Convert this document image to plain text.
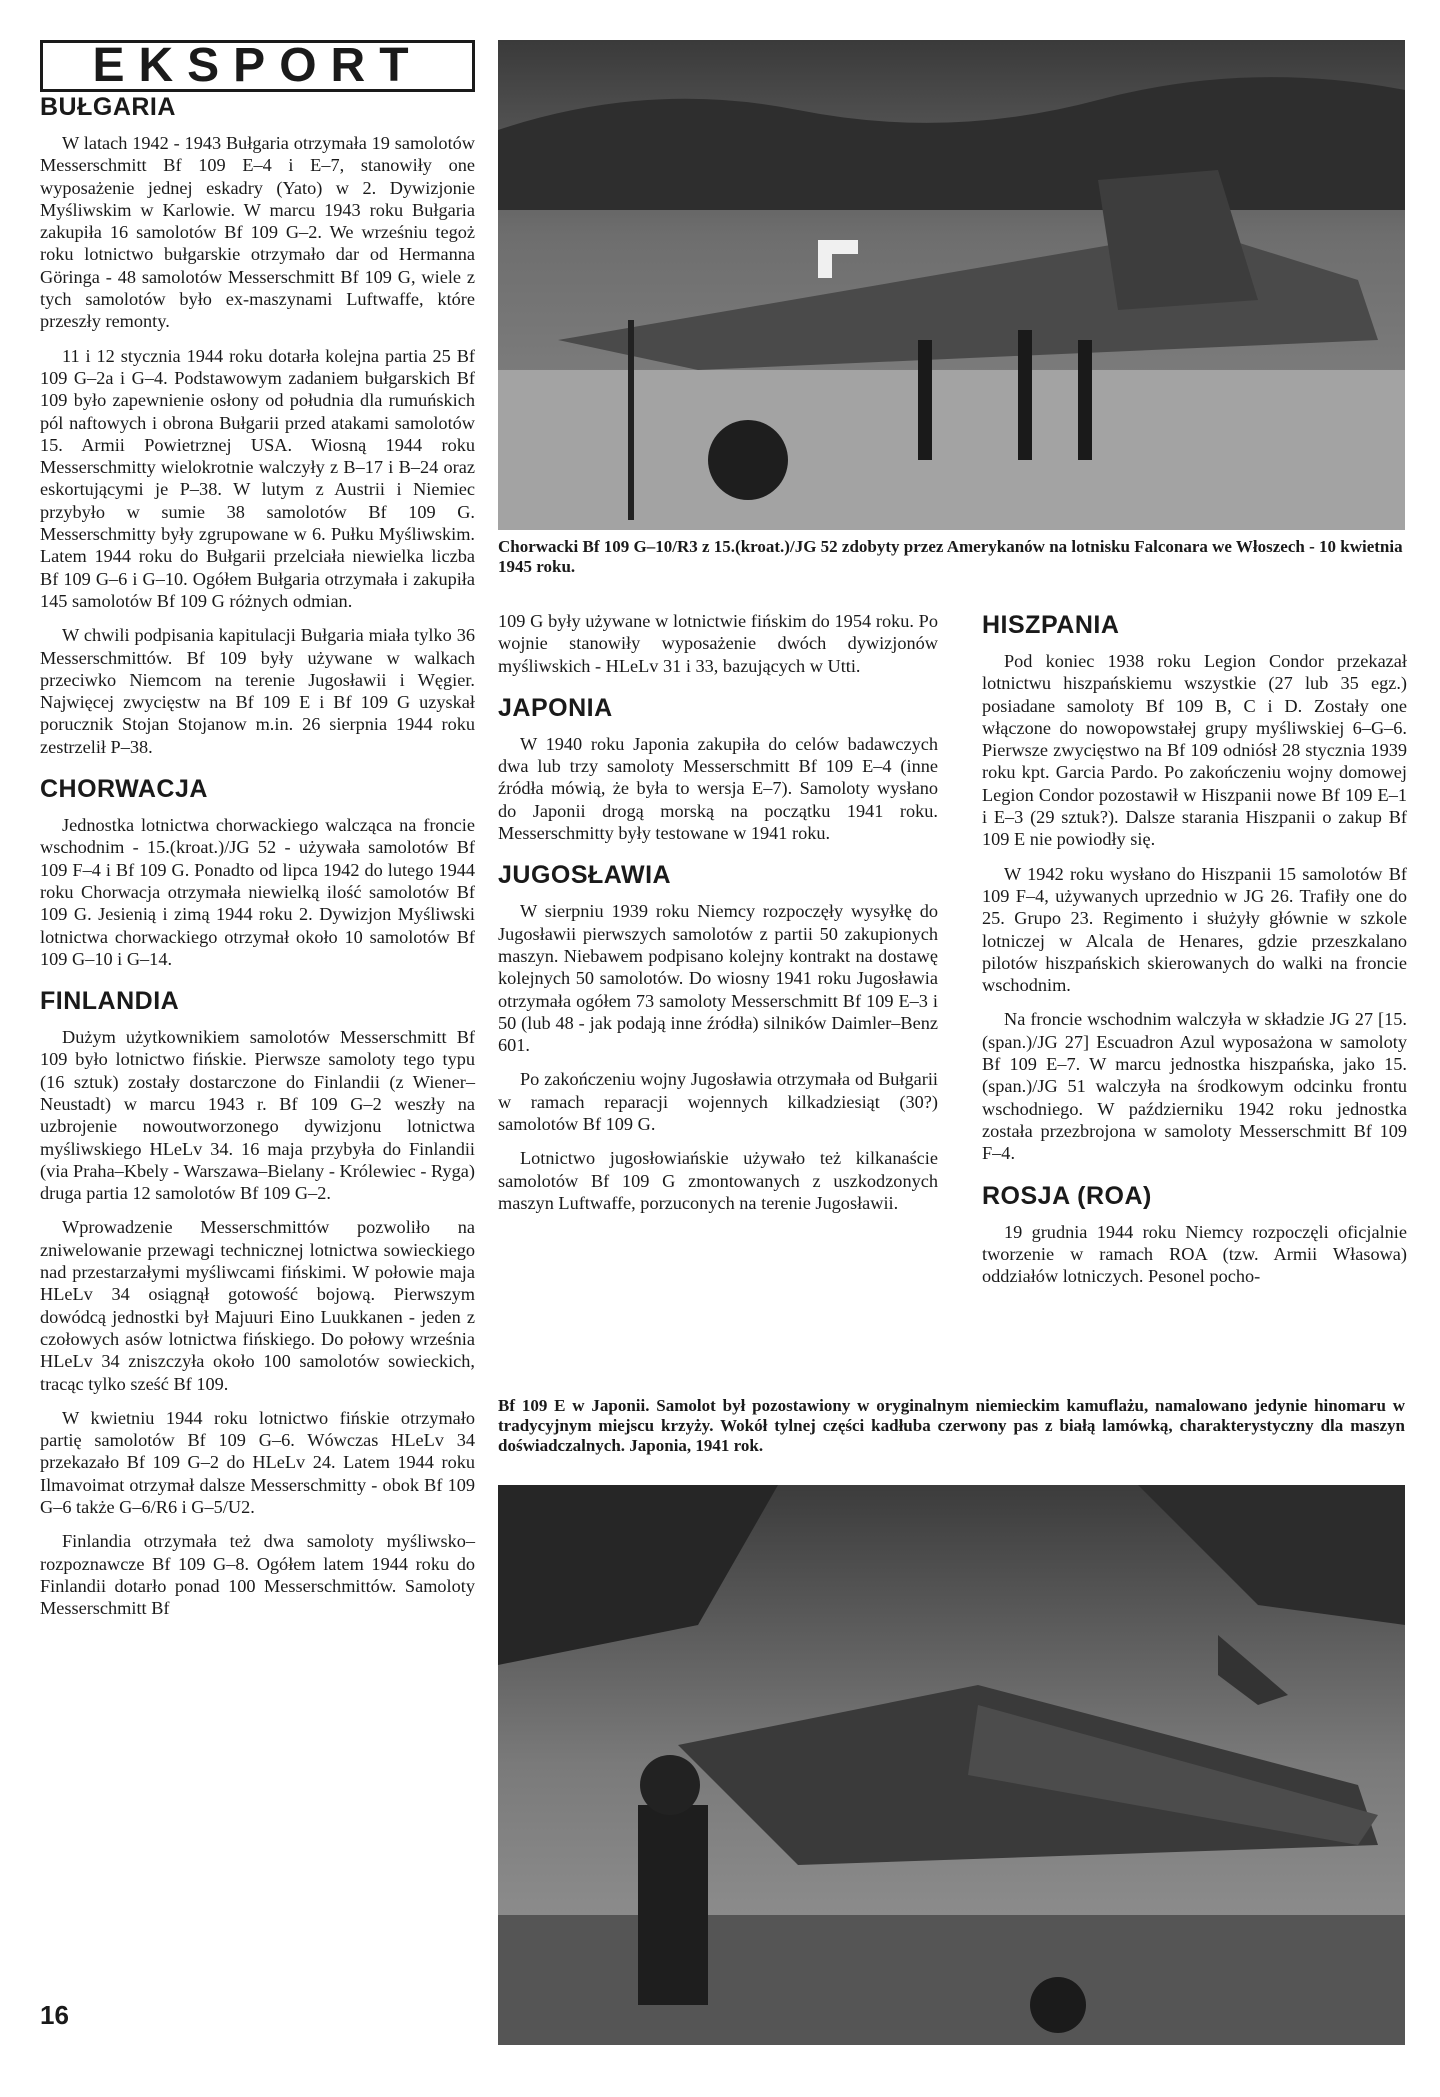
EKSPORT
BUŁGARIA

W latach 1942 - 1943 Bułgaria otrzymała 19 samolotów Messerschmitt Bf 109 E–4 i E–7, stanowiły one wyposażenie jednej eskadry (Yato) w 2. Dywizjonie Myśliwskim w Karlowie. W marcu 1943 roku Bułgaria zakupiła 16 samolotów Bf 109 G–2. We wrześniu tegoż roku lotnictwo bułgarskie otrzymało dar od Hermanna Göringa - 48 samolotów Messerschmitt Bf 109 G, wiele z tych samolotów było ex-maszynami Luftwaffe, które przeszły remonty.

11 i 12 stycznia 1944 roku dotarła kolejna partia 25 Bf 109 G–2a i G–4. Podstawowym zadaniem bułgarskich Bf 109 było zapewnienie osłony od południa dla rumuńskich pól naftowych i obrona Bułgarii przed atakami samolotów 15. Armii Powietrznej USA. Wiosną 1944 roku Messerschmitty wielokrotnie walczyły z B–17 i B–24 oraz eskortującymi je P–38. W lutym z Austrii i Niemiec przybyło w sumie 38 samolotów Bf 109 G. Messerschmitty były zgrupowane w 6. Pułku Myśliwskim. Latem 1944 roku do Bułgarii przelciała niewielka liczba Bf 109 G–6 i G–10. Ogółem Bułgaria otrzymała i zakupiła 145 samolotów Bf 109 G różnych odmian.

W chwili podpisania kapitulacji Bułgaria miała tylko 36 Messerschmittów. Bf 109 były używane w walkach przeciwko Niemcom na terenie Jugosławii i Węgier. Najwięcej zwycięstw na Bf 109 E i Bf 109 G uzyskał porucznik Stojan Stojanow m.in. 26 sierpnia 1944 roku zestrzelił P–38.

CHORWACJA

Jednostka lotnictwa chorwackiego walcząca na froncie wschodnim - 15.(kroat.)/JG 52 - używała samolotów Bf 109 F–4 i Bf 109 G. Ponadto od lipca 1942 do lutego 1944 roku Chorwacja otrzymała niewielką ilość samolotów Bf 109 G. Jesienią i zimą 1944 roku 2. Dywizjon Myśliwski lotnictwa chorwackiego otrzymał około 10 samolotów Bf 109 G–10 i G–14.

FINLANDIA

Dużym użytkownikiem samolotów Messerschmitt Bf 109 było lotnictwo fińskie. Pierwsze samoloty tego typu (16 sztuk) zostały dostarczone do Finlandii (z Wiener–Neustadt) w marcu 1943 r. Bf 109 G–2 weszły na uzbrojenie nowoutworzonego dywizjonu lotnictwa myśliwskiego HLeLv 34. 16 maja przybyła do Finlandii (via Praha–Kbely - Warszawa–Bielany - Królewiec - Ryga) druga partia 12 samolotów Bf 109 G–2.

Wprowadzenie Messerschmittów pozwoliło na zniwelowanie przewagi technicznej lotnictwa sowieckiego nad przestarzałymi myśliwcami fińskimi. W połowie maja HLeLv 34 osiągnął gotowość bojową. Pierwszym dowódcą jednostki był Majuuri Eino Luukkanen - jeden z czołowych asów lotnictwa fińskiego. Do połowy września HLeLv 34 zniszczyła około 100 samolotów sowieckich, tracąc tylko sześć Bf 109.

W kwietniu 1944 roku lotnictwo fińskie otrzymało partię samolotów Bf 109 G–6. Wówczas HLeLv 34 przekazało Bf 109 G–2 do HLeLv 24. Latem 1944 roku Ilmavoimat otrzymał dalsze Messerschmitty - obok Bf 109 G–6 także G–6/R6 i G–5/U2.

Finlandia otrzymała też dwa samoloty myśliwsko–rozpoznawcze Bf 109 G–8. Ogółem latem 1944 roku do Finlandii dotarło ponad 100 Messerschmittów. Samoloty Messerschmitt Bf

Chorwacki Bf 109 G–10/R3 z 15.(kroat.)/JG 52 zdobyty przez Amerykanów na lotnisku Falconara we Włoszech - 10 kwietnia 1945 roku.

109 G były używane w lotnictwie fińskim do 1954 roku. Po wojnie stanowiły wyposażenie dwóch dywizjonów myśliwskich - HLeLv 31 i 33, bazujących w Utti.

JAPONIA

W 1940 roku Japonia zakupiła do celów badawczych dwa lub trzy samoloty Messerschmitt Bf 109 E–4 (inne źródła mówią, że była to wersja E–7). Samoloty wysłano do Japonii drogą morską na początku 1941 roku. Messerschmitty były testowane w 1941 roku.

JUGOSŁAWIA

W sierpniu 1939 roku Niemcy rozpoczęły wysyłkę do Jugosławii pierwszych samolotów z partii 50 zakupionych maszyn. Niebawem podpisano kolejny kontrakt na dostawę kolejnych 50 samolotów. Do wiosny 1941 roku Jugosławia otrzymała ogółem 73 samoloty Messerschmitt Bf 109 E–3 i 50 (lub 48 - jak podają inne źródła) silników Daimler–Benz 601.

Po zakończeniu wojny Jugosławia otrzymała od Bułgarii w ramach reparacji wojennych kilkadziesiąt (30?) samolotów Bf 109 G.

Lotnictwo jugosłowiańskie używało też kilkanaście samolotów Bf 109 G zmontowanych z uszkodzonych maszyn Luftwaffe, porzuconych na terenie Jugosławii.

HISZPANIA

Pod koniec 1938 roku Legion Condor przekazał lotnictwu hiszpańskiemu wszystkie (27 lub 35 egz.) posiadane samoloty Bf 109 B, C i D. Zostały one włączone do nowopowstałej grupy myśliwskiej 6–G–6. Pierwsze zwycięstwo na Bf 109 odniósł 28 stycznia 1939 roku kpt. Garcia Pardo. Po zakończeniu wojny domowej Legion Condor pozostawił w Hiszpanii nowe Bf 109 E–1 i E–3 (29 sztuk?). Dalsze starania Hiszpanii o zakup Bf 109 E nie powiodły się.

W 1942 roku wysłano do Hiszpanii 15 samolotów Bf 109 F–4, używanych uprzednio w JG 26. Trafiły one do 25. Grupo 23. Regimento i służyły głównie w szkole lotniczej w Alcala de Henares, gdzie przeszkalano pilotów hiszpańskich skierowanych do walki na froncie wschodnim.

Na froncie wschodnim walczyła w składzie JG 27 [15.(span.)/JG 27] Escuadron Azul wyposażona w samoloty Bf 109 E–7. W marcu jednostka hiszpańska, jako 15.(span.)/JG 51 walczyła na środkowym odcinku frontu wschodniego. W październiku 1942 roku jednostka została przezbrojona w samoloty Messerschmitt Bf 109 F–4.

ROSJA (ROA)

19 grudnia 1944 roku Niemcy rozpoczęli oficjalnie tworzenie w ramach ROA (tzw. Armii Własowa) oddziałów lotniczych. Pesonel pocho-

Bf 109 E w Japonii. Samolot był pozostawiony w oryginalnym niemieckim kamuflażu, namalowano jedynie hinomaru w tradycyjnym miejscu krzyży. Wokół tylnej części kadłuba czerwony pas z białą lamówką, charakterystyczny dla maszyn doświadczalnych. Japonia, 1941 rok.
16
